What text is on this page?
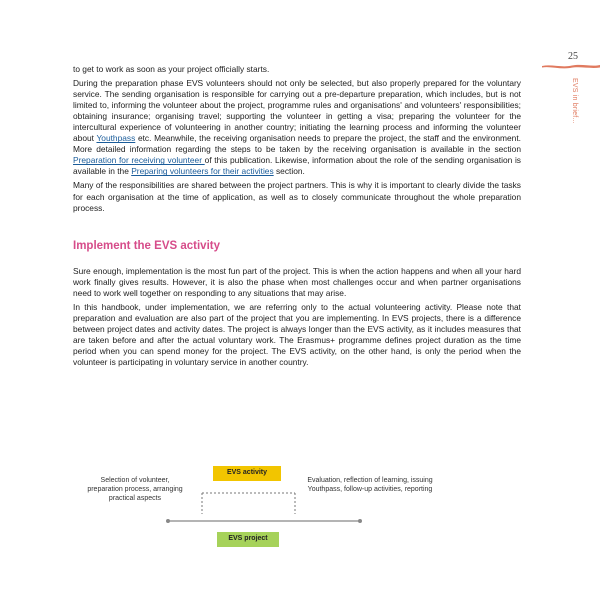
25
EVS in brief...

to get to work as soon as your project officially starts.

During the preparation phase EVS volunteers should not only be selected, but also properly prepared for the voluntary service. The sending organisation is responsible for carrying out a pre-departure preparation, which includes, but is not limited to, informing the volunteer about the project, programme rules and organisations' and volunteers' responsibilities; obtaining insurance; organising travel; supporting the volunteer in getting a visa; preparing the volunteer for the intercultural experience of volunteering in another country; initiating the learning process and informing the volunteer about Youthpass etc. Meanwhile, the receiving organisation needs to prepare the project, the staff and the environment. More detailed information regarding the steps to be taken by the receiving organisation is available in the section Preparation for receiving volunteer of this publication. Likewise, information about the role of the sending organisation is available in the Preparing volunteers for their activities section.

Many of the responsibilities are shared between the project partners. This is why it is important to clearly divide the tasks for each organisation at the time of application, as well as to closely communicate throughout the whole preparation process.

Implement the EVS activity

Sure enough, implementation is the most fun part of the project. This is when the action happens and when all your hard work finally gives results. However, it is also the phase when most challenges occur and when partner organisations need to work well together on responding to any situations that may arise.

In this handbook, under implementation, we are referring only to the actual volunteering activity. Please note that preparation and evaluation are also part of the project that you are implementing. In EVS projects, there is a difference between project dates and activity dates. The project is always longer than the EVS activity, as it includes measures that are taken before and after the actual voluntary work. The Erasmus+ programme defines project duration as the time period when you can spend money for the project. The EVS activity, on the other hand, is only the period when the volunteer is participating in voluntary service in another country.

Selection of volunteer, preparation process, arranging practical aspects
EVS activity
Evaluation, reflection of learning, issuing Youthpass, follow-up activities, reporting
EVS project
